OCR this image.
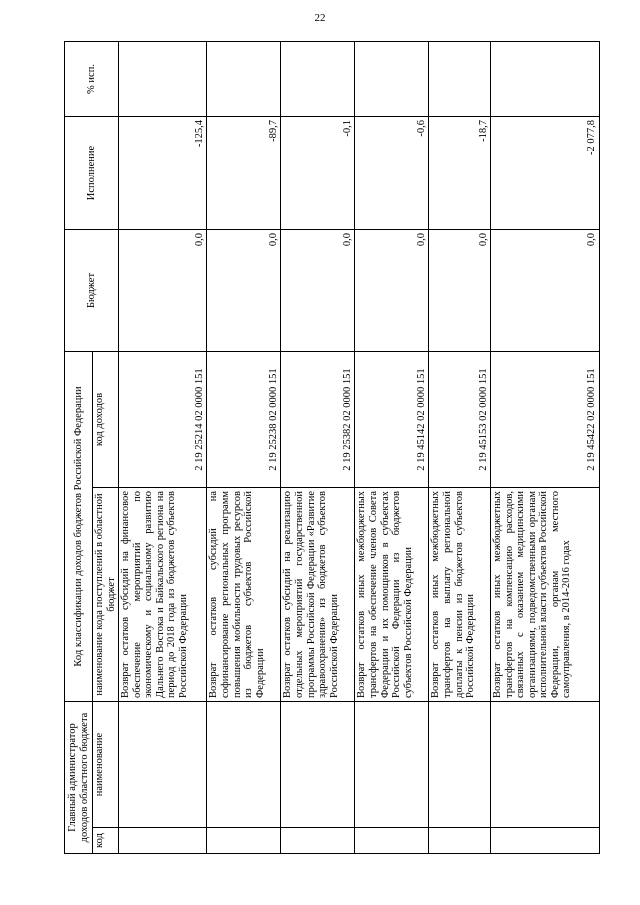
22
Главный администратор доходов областного бюджета		Код классификации доходов бюджетов Российской Федерации		Бюджет	Исполнение	% исп.
код	наименование	наименование кода поступлений в областной бюджет	код доходов			
		Возврат остатков субсидий на финансовое обеспечение мероприятий по экономическому и социальному развитию Дальнего Востока и Байкальского региона на период до 2018 года из бюджетов субъектов Российской Федерации	2 19 25214 02 0000 151	0,0	-125,4	
		Возврат остатков субсидий на софинансирование региональных программ повышения мобильности трудовых ресурсов из бюджетов субъектов Российской Федерации	2 19 25238 02 0000 151	0,0	-89,7	
		Возврат остатков субсидий на реализацию отдельных мероприятий государственной программы Российской Федерации «Развитие здравоохранения» из бюджетов субъектов Российской Федерации	2 19 25382 02 0000 151	0,0	-0,1	
		Возврат остатков иных межбюджетных трансфертов на обеспечение членов Совета Федерации и их помощников в субъектах Российской Федерации из бюджетов субъектов Российской Федерации	2 19 45142 02 0000 151	0,0	-0,6	
		Возврат остатков иных межбюджетных трансфертов на выплату региональной доплаты к пенсии из бюджетов субъектов Российской Федерации	2 19 45153 02 0000 151	0,0	-18,7	
		Возврат остатков иных межбюджетных трансфертов на компенсацию расходов, связанных с оказанием медицинскими организациями, подведомственными органам исполнительной власти субъектов Российской Федерации, органам местного самоуправления, в 2014-2016 годах	2 19 45422 02 0000 151	0,0	-2 077,8	
